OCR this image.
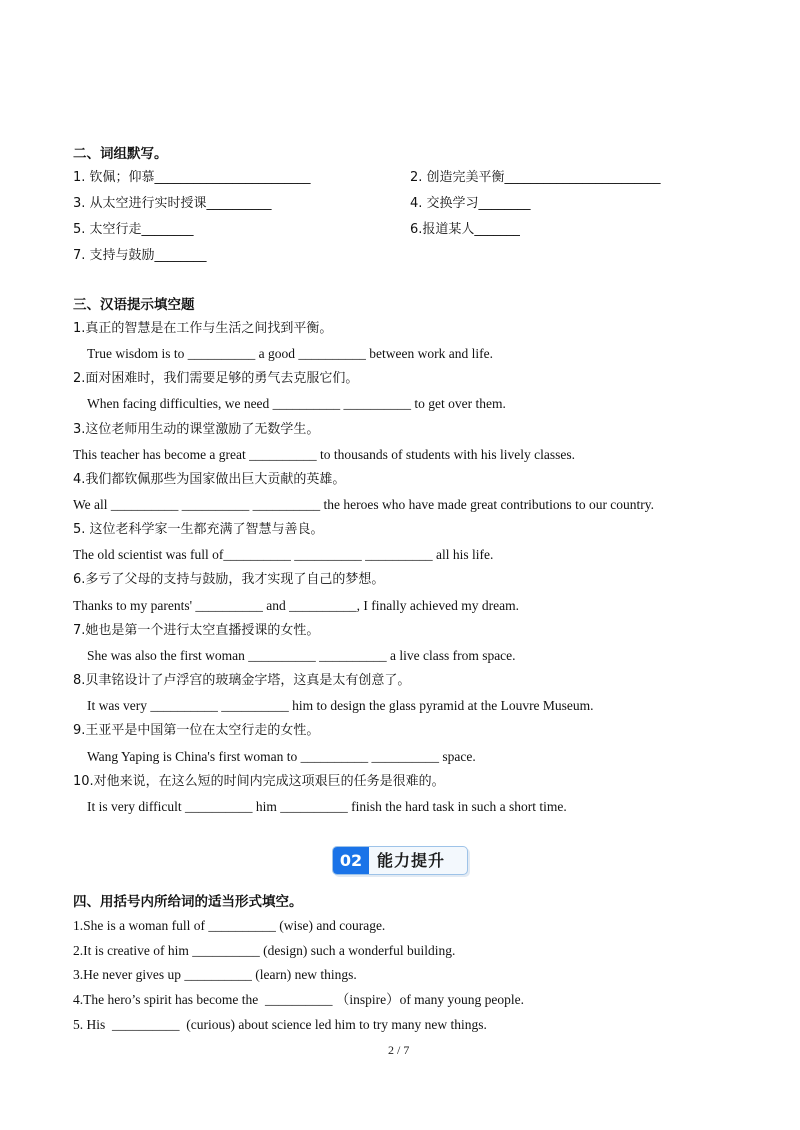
二、词组默写。
1. 钦佩；仰慕________________________	2. 创造完美平衡________________________
3. 从太空进行实时授课__________	4. 交换学习________
5. 太空行走________	6.报道某人_______
7. 支持与鼓励________
三、汉语提示填空题
1.真正的智慧是在工作与生活之间找到平衡。
True wisdom is to __________ a good __________ between work and life.
2.面对困难时，我们需要足够的勇气去克服它们。
When facing difficulties, we need __________ __________ to get over them.
3.这位老师用生动的课堂激励了无数学生。
This teacher has become a great __________ to thousands of students with his lively classes.
4.我们都钦佩那些为国家做出巨大贡献的英雄。
We all __________ __________ __________ the heroes who have made great contributions to our country.
5. 这位老科学家一生都充满了智慧与善良。
The old scientist was full of__________ __________ __________ all his life.
6.多亏了父母的支持与鼓励，我才实现了自己的梦想。
Thanks to my parents' __________ and __________, I finally achieved my dream.
7.她也是第一个进行太空直播授课的女性。
She was also the first woman __________ __________ a live class from space.
8.贝聿铭设计了卢浮宫的玻璃金字塔，这真是太有创意了。
It was very __________ __________ him to design the glass pyramid at the Louvre Museum.
9.王亚平是中国第一位在太空行走的女性。
Wang Yaping is China's first woman to __________ __________ space.
10.对他来说，在这么短的时间内完成这项艰巨的任务是很难的。
It is very difficult __________ him __________ finish the hard task in such a short time.
02 能力提升
四、用括号内所给词的适当形式填空。
1.She is a woman full of __________ (wise) and courage.
2.It is creative of him __________ (design) such a wonderful building.
3.He never gives up __________ (learn) new things.
4.The hero’s spirit has become the  __________ （inspire）of many young people.
5. His  __________  (curious) about science led him to try many new things.
2 / 7
